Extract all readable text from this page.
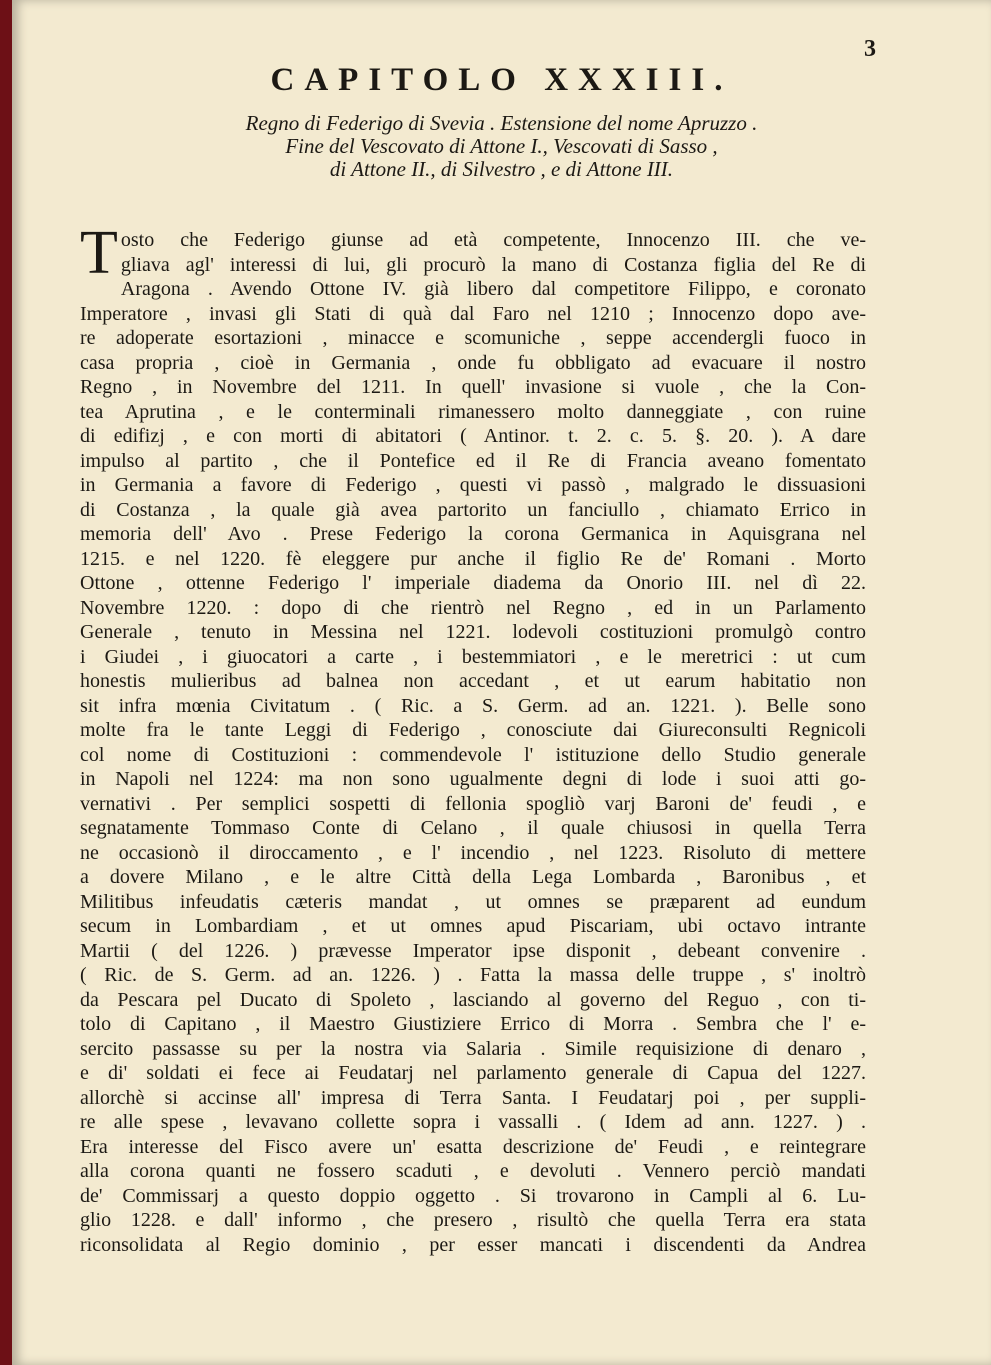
3
CAPITOLO XXXIII.
Regno di Federigo di Svevia . Estensione del nome Apruzzo .
Fine del Vescovato di Attone I., Vescovati di Sasso ,
di Attone II., di Silvestro , e di Attone III.
T osto che Federigo giunse ad età competente, Innocenzo III. che ve-
gliava agl' interessi di lui, gli procurò la mano di Costanza figlia del Re di
Aragona . Avendo Ottone IV. già libero dal competitore Filippo, e coronato
Imperatore , invasi gli Stati di quà dal Faro nel 1210 ; Innocenzo dopo ave-
re adoperate esortazioni , minacce e scomuniche , seppe accendergli fuoco in
casa propria , cioè in Germania , onde fu obbligato ad evacuare il nostro
Regno , in Novembre del 1211. In quell' invasione si vuole , che la Con-
tea Aprutina , e le conterminali rimanessero molto danneggiate , con ruine
di edifizj , e con morti di abitatori ( Antinor. t. 2. c. 5. §. 20. ). A dare
impulso al partito , che il Pontefice ed il Re di Francia aveano fomentato
in Germania a favore di Federigo , questi vi passò , malgrado le dissuasioni
di Costanza , la quale già avea partorito un fanciullo , chiamato Errico in
memoria dell' Avo . Prese Federigo la corona Germanica in Aquisgrana nel
1215. e nel 1220. fè eleggere pur anche il figlio Re de' Romani . Morto
Ottone , ottenne Federigo l' imperiale diadema da Onorio III. nel dì 22.
Novembre 1220. : dopo di che rientrò nel Regno , ed in un Parlamento
Generale , tenuto in Messina nel 1221. lodevoli costituzioni promulgò contro
i Giudei , i giuocatori a carte , i bestemmiatori , e le meretrici : ut cum
honestis mulieribus ad balnea non accedant , et ut earum habitatio non
sit infra mœnia Civitatum . ( Ric. a S. Germ. ad an. 1221. ). Belle sono
molte fra le tante Leggi di Federigo , conosciute dai Giureconsulti Regnicoli
col nome di Costituzioni : commendevole l' istituzione dello Studio generale
in Napoli nel 1224: ma non sono ugualmente degni di lode i suoi atti go-
vernativi . Per semplici sospetti di fellonia spogliò varj Baroni de' feudi , e
segnatamente Tommaso Conte di Celano , il quale chiusosi in quella Terra
ne occasionò il diroccamento , e l' incendio , nel 1223. Risoluto di mettere
a dovere Milano , e le altre Città della Lega Lombarda , Baronibus , et
Militibus infeudatis cæteris mandat , ut omnes se præparent ad eundum
secum in Lombardiam , et ut omnes apud Piscariam, ubi octavo intrante
Martii ( del 1226. ) prævesse Imperator ipse disponit , debeant convenire .
( Ric. de S. Germ. ad an. 1226. ) . Fatta la massa delle truppe , s' inoltrò
da Pescara pel Ducato di Spoleto , lasciando al governo del Reguo , con ti-
tolo di Capitano , il Maestro Giustiziere Errico di Morra . Sembra che l' e-
sercito passasse su per la nostra via Salaria . Simile requisizione di denaro ,
e di' soldati ei fece ai Feudatarj nel parlamento generale di Capua del 1227.
allorchè si accinse all' impresa di Terra Santa. I Feudatarj poi , per suppli-
re alle spese , levavano collette sopra i vassalli . ( Idem ad ann. 1227. ) .
Era interesse del Fisco avere un' esatta descrizione de' Feudi , e reintegrare
alla corona quanti ne fossero scaduti , e devoluti . Vennero perciò mandati
de' Commissarj a questo doppio oggetto . Si trovarono in Campli al 6. Lu-
glio 1228. e dall' informo , che presero , risultò che quella Terra era stata
riconsolidata al Regio dominio , per esser mancati i discendenti da Andrea
